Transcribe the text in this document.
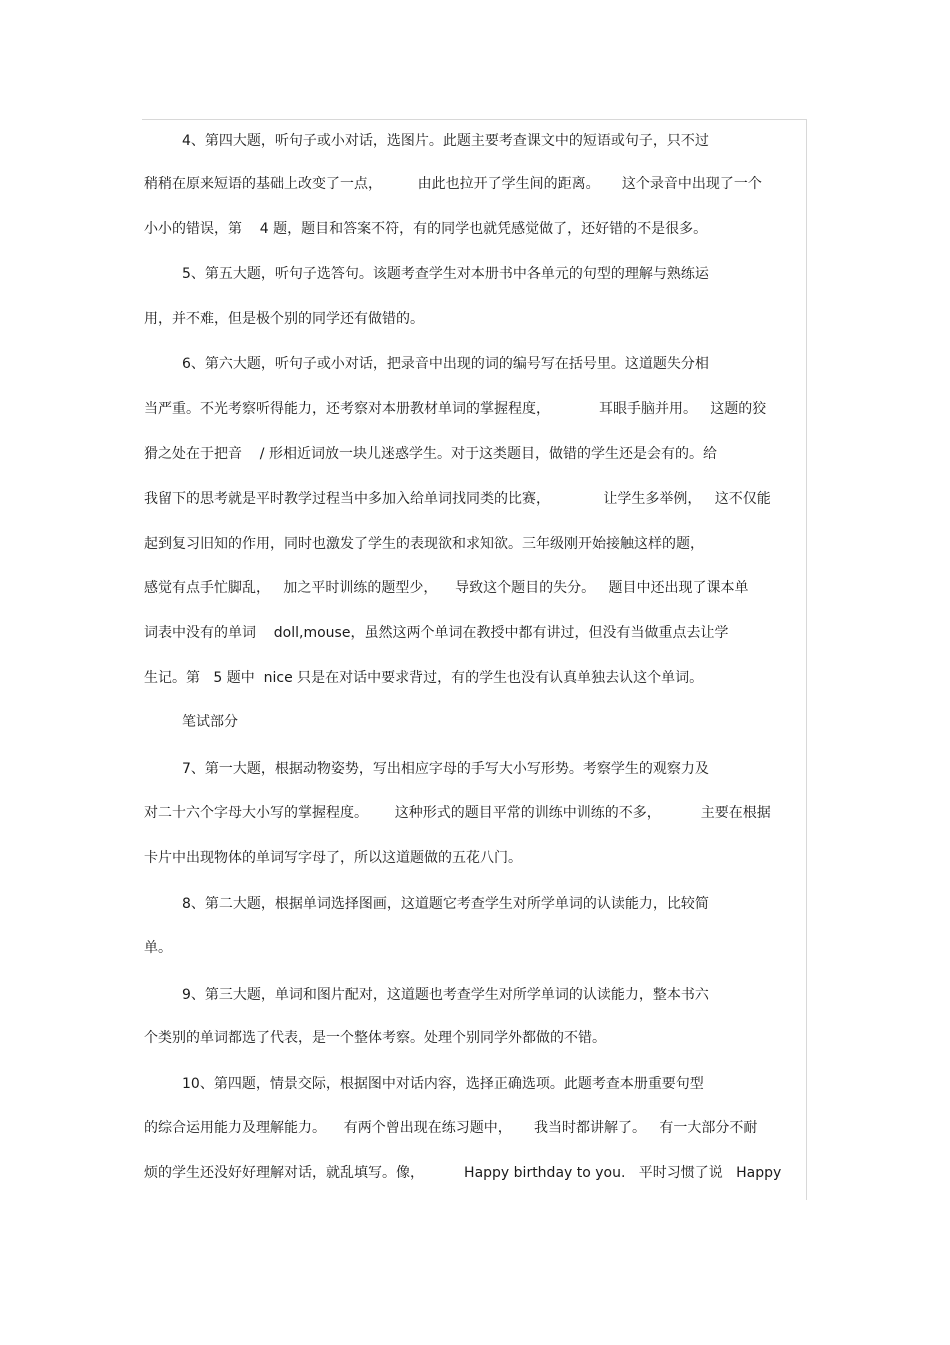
4、第四大题，听句子或小对话，选图片。此题主要考查课文中的短语或句子，只不过
稍稍在原来短语的基础上改变了一点，        由此也拉开了学生间的距离。     这个录音中出现了一个
小小的错误，第    4 题，题目和答案不符，有的同学也就凭感觉做了，还好错的不是很多。
5、第五大题，听句子选答句。该题考查学生对本册书中各单元的句型的理解与熟练运
用，并不难，但是极个别的同学还有做错的。
6、第六大题，听句子或小对话，把录音中出现的词的编号写在括号里。这道题失分相
当严重。不光考察听得能力，还考察对本册教材单词的掌握程度，           耳眼手脑并用。   这题的狡
猾之处在于把音    / 形相近词放一块儿迷惑学生。对于这类题目，做错的学生还是会有的。给
我留下的思考就是平时教学过程当中多加入给单词找同类的比赛，            让学生多举例，   这不仅能
起到复习旧知的作用，同时也激发了学生的表现欲和求知欲。三年级刚开始接触这样的题，
感觉有点手忙脚乱，   加之平时训练的题型少，    导致这个题目的失分。   题目中还出现了课本单
词表中没有的单词    doll,mouse，虽然这两个单词在教授中都有讲过，但没有当做重点去让学
生记。第   5 题中  nice 只是在对话中要求背过，有的学生也没有认真单独去认这个单词。
笔试部分
7、第一大题，根据动物姿势，写出相应字母的手写大小写形势。考察学生的观察力及
对二十六个字母大小写的掌握程度。      这种形式的题目平常的训练中训练的不多，         主要在根据
卡片中出现物体的单词写字母了，所以这道题做的五花八门。
8、第二大题，根据单词选择图画，这道题它考查学生对所学单词的认读能力，比较简
单。
9、第三大题，单词和图片配对，这道题也考查学生对所学单词的认读能力，整本书六
个类别的单词都选了代表，是一个整体考察。处理个别同学外都做的不错。
10、第四题，情景交际，根据图中对话内容，选择正确选项。此题考查本册重要句型
的综合运用能力及理解能力。    有两个曾出现在练习题中，     我当时都讲解了。   有一大部分不耐
烦的学生还没好好理解对话，就乱填写。像，         Happy birthday to you.   平时习惯了说   Happy
